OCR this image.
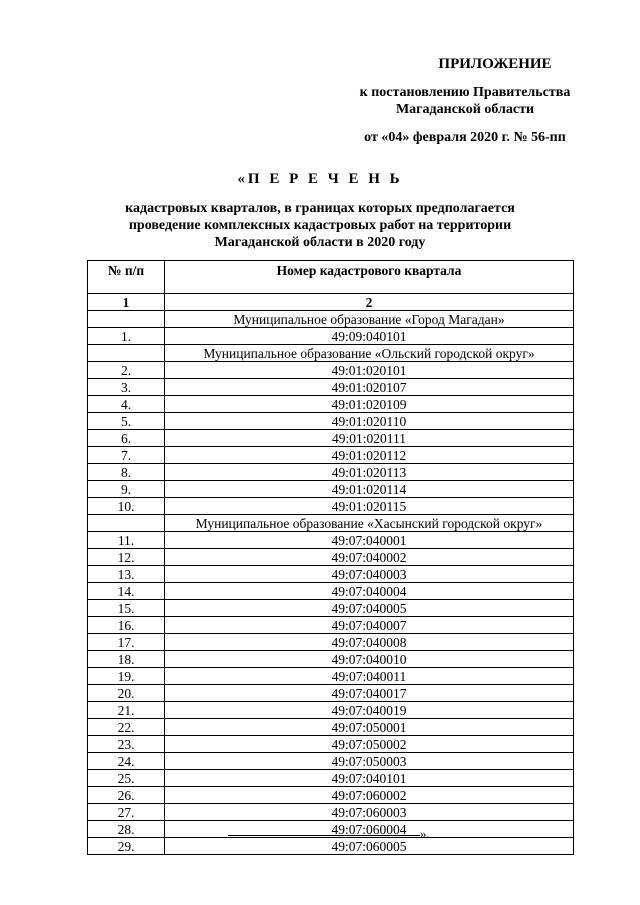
ПРИЛОЖЕНИЕ
к постановлению Правительства
Магаданской области
от «04» февраля 2020 г. № 56-пп
«П Е Р Е Ч Е Н Ь
кадастровых кварталов, в границах которых предполагается
проведение комплексных кадастровых работ на территории
Магаданской области в 2020 году
№ п/п	Номер кадастрового квартала
1	2
	Муниципальное образование «Город Магадан»
1.	49:09:040101
	Муниципальное образование «Ольский городской округ»
2.	49:01:020101
3.	49:01:020107
4.	49:01:020109
5.	49:01:020110
6.	49:01:020111
7.	49:01:020112
8.	49:01:020113
9.	49:01:020114
10.	49:01:020115
	Муниципальное образование «Хасынский городской округ»
11.	49:07:040001
12.	49:07:040002
13.	49:07:040003
14.	49:07:040004
15.	49:07:040005
16.	49:07:040007
17.	49:07:040008
18.	49:07:040010
19.	49:07:040011
20.	49:07:040017
21.	49:07:040019
22.	49:07:050001
23.	49:07:050002
24.	49:07:050003
25.	49:07:040101
26.	49:07:060002
27.	49:07:060003
28.	49:07:060004
29.	49:07:060005
».
